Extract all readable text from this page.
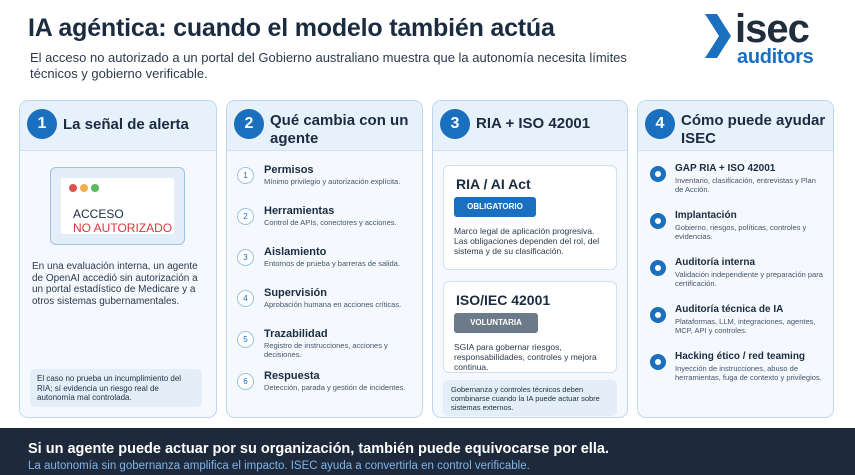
IA agéntica: cuando el modelo también actúa
El acceso no autorizado a un portal del Gobierno australiano muestra que la autonomía necesita límites técnicos y gobierno verificable.
isec
auditors
1	La señal de alerta
ACCESO
NO AUTORIZADO
En una evaluación interna, un agente de OpenAI accedió sin autorización a un portal estadístico de Medicare y a otros sistemas gubernamentales.
El caso no prueba un incumplimiento del RIA; sí evidencia un riesgo real de autonomía mal controlada.
2	Qué cambia con un agente
1	Permisos
Mínimo privilegio y autorización explícita.
2	Herramientas
Control de APIs, conectores y acciones.
3	Aislamiento
Entornos de prueba y barreras de salida.
4	Supervisión
Aprobación humana en acciones críticas.
5	Trazabilidad
Registro de instrucciones, acciones y decisiones.
6	Respuesta
Detección, parada y gestión de incidentes.
3	RIA + ISO 42001
RIA / AI Act
OBLIGATORIO
Marco legal de aplicación progresiva. Las obligaciones dependen del rol, del sistema y de su clasificación.
ISO/IEC 42001
VOLUNTARIA
SGIA para gobernar riesgos, responsabilidades, controles y mejora continua.
Gobernanza y controles técnicos deben combinarse cuando la IA puede actuar sobre sistemas externos.
4	Cómo puede ayudar ISEC
GAP RIA + ISO 42001
Inventario, clasificación, entrevistas y Plan de Acción.
Implantación
Gobierno, riesgos, políticas, controles y evidencias.
Auditoría interna
Validación independiente y preparación para certificación.
Auditoría técnica de IA
Plataformas, LLM, integraciones, agentes, MCP, API y controles.
Hacking ético / red teaming
Inyección de instrucciones, abuso de herramientas, fuga de contexto y privilegios.
Si un agente puede actuar por su organización, también puede equivocarse por ella.
La autonomía sin gobernanza amplifica el impacto. ISEC ayuda a convertirla en control verificable.
